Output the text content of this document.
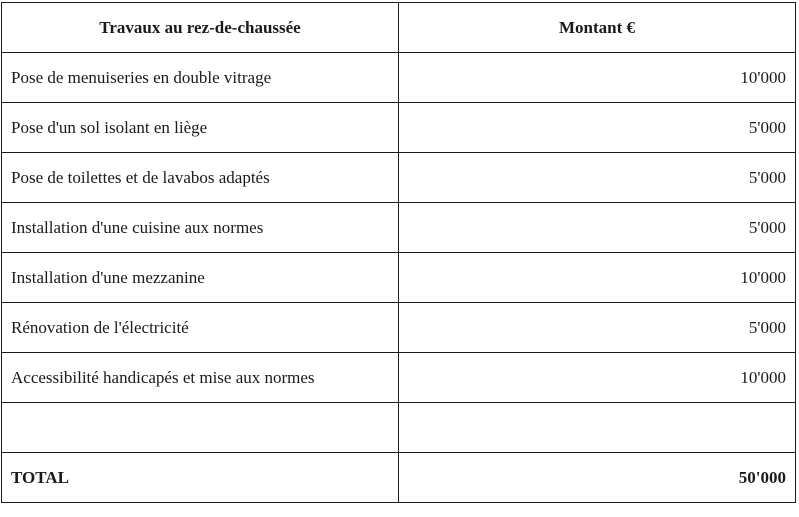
Travaux au rez-de-chaussée	Montant €
Pose de menuiseries en double vitrage	10'000
Pose d'un sol isolant en liège	5'000
Pose de toilettes et de lavabos adaptés	5'000
Installation d'une cuisine aux normes	5'000
Installation d'une mezzanine	10'000
Rénovation de l'électricité	5'000
Accessibilité handicapés et mise aux normes	10'000

TOTAL	50'000
